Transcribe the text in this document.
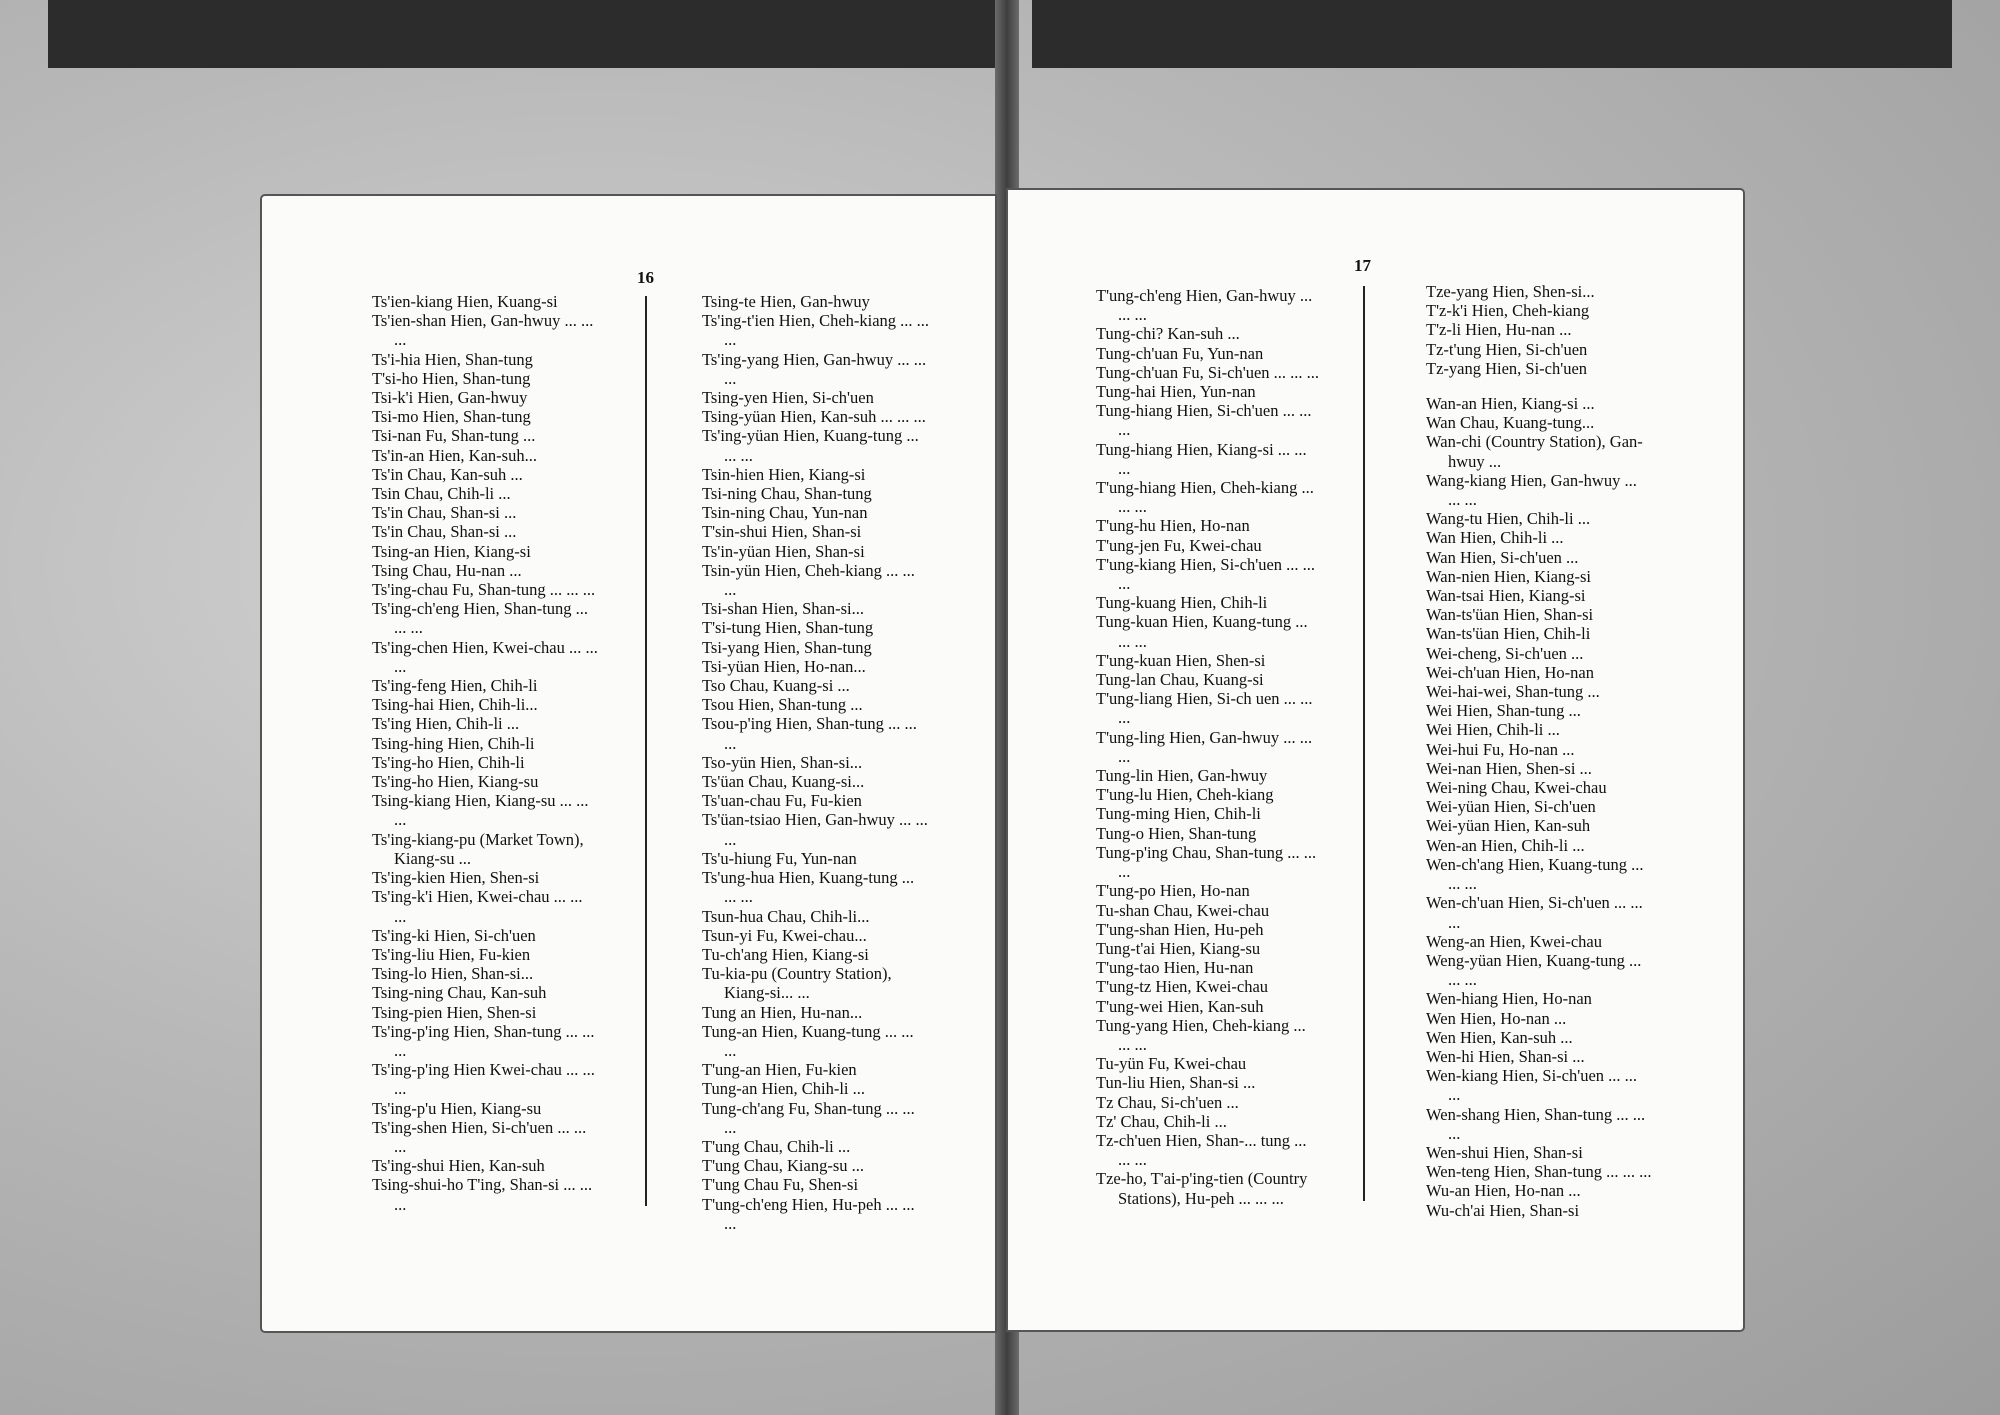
16
Ts'ien-kiang Hien, Kuang-si
Ts'ien-shan Hien, Gan-hwuy ... ... ...
Ts'i-hia Hien, Shan-tung
T'si-ho Hien, Shan-tung
Tsi-k'i Hien, Gan-hwuy
Tsi-mo Hien, Shan-tung
Tsi-nan Fu, Shan-tung ...
Ts'in-an Hien, Kan-suh...
Ts'in Chau, Kan-suh ...
Tsin Chau, Chih-li ...
Ts'in Chau, Shan-si ...
Ts'in Chau, Shan-si ...
Tsing-an Hien, Kiang-si
Tsing Chau, Hu-nan ...
Ts'ing-chau Fu, Shan-tung ... ... ...
Ts'ing-ch'eng Hien, Shan-tung ... ... ...
Ts'ing-chen Hien, Kwei-chau ... ... ...
Ts'ing-feng Hien, Chih-li
Tsing-hai Hien, Chih-li...
Ts'ing Hien, Chih-li ...
Tsing-hing Hien, Chih-li
Ts'ing-ho Hien, Chih-li
Ts'ing-ho Hien, Kiang-su
Tsing-kiang Hien, Kiang-su ... ... ...
Ts'ing-kiang-pu (Market Town), Kiang-su ...
Ts'ing-kien Hien, Shen-si
Ts'ing-k'i Hien, Kwei-chau ... ... ...
Ts'ing-ki Hien, Si-ch'uen
Ts'ing-liu Hien, Fu-kien
Tsing-lo Hien, Shan-si...
Tsing-ning Chau, Kan-suh
Tsing-pien Hien, Shen-si
Ts'ing-p'ing Hien, Shan-tung ... ... ...
Ts'ing-p'ing Hien Kwei-chau ... ... ...
Ts'ing-p'u Hien, Kiang-su
Ts'ing-shen Hien, Si-ch'uen ... ... ...
Ts'ing-shui Hien, Kan-suh
Tsing-shui-ho T'ing, Shan-si ... ... ...
Tsing-te Hien, Gan-hwuy
Ts'ing-t'ien Hien, Cheh-kiang ... ... ...
Ts'ing-yang Hien, Gan-hwuy ... ... ...
Tsing-yen Hien, Si-ch'uen
Tsing-yüan Hien, Kan-suh ... ... ...
Ts'ing-yüan Hien, Kuang-tung ... ... ...
Tsin-hien Hien, Kiang-si
Tsi-ning Chau, Shan-tung
Tsin-ning Chau, Yun-nan
T'sin-shui Hien, Shan-si
Ts'in-yüan Hien, Shan-si
Tsin-yün Hien, Cheh-kiang ... ... ...
Tsi-shan Hien, Shan-si...
T'si-tung Hien, Shan-tung
Tsi-yang Hien, Shan-tung
Tsi-yüan Hien, Ho-nan...
Tso Chau, Kuang-si ...
Tsou Hien, Shan-tung ...
Tsou-p'ing Hien, Shan-tung ... ... ...
Tso-yün Hien, Shan-si...
Ts'üan Chau, Kuang-si...
Ts'uan-chau Fu, Fu-kien
Ts'üan-tsiao Hien, Gan-hwuy ... ... ...
Ts'u-hiung Fu, Yun-nan
Ts'ung-hua Hien, Kuang-tung ... ... ...
Tsun-hua Chau, Chih-li...
Tsun-yi Fu, Kwei-chau...
Tu-ch'ang Hien, Kiang-si
Tu-kia-pu (Country Station), Kiang-si... ...
Tung an Hien, Hu-nan...
Tung-an Hien, Kuang-tung ... ... ...
T'ung-an Hien, Fu-kien
Tung-an Hien, Chih-li ...
Tung-ch'ang Fu, Shan-tung ... ... ...
T'ung Chau, Chih-li ...
T'ung Chau, Kiang-su ...
T'ung Chau Fu, Shen-si
T'ung-ch'eng Hien, Hu-peh ... ... ...
17
T'ung-ch'eng Hien, Gan-hwuy ... ... ...
Tung-chi? Kan-suh ...
Tung-ch'uan Fu, Yun-nan
Tung-ch'uan Fu, Si-ch'uen ... ... ...
Tung-hai Hien, Yun-nan
Tung-hiang Hien, Si-ch'uen ... ... ...
Tung-hiang Hien, Kiang-si ... ... ...
T'ung-hiang Hien, Cheh-kiang ... ... ...
T'ung-hu Hien, Ho-nan
T'ung-jen Fu, Kwei-chau
T'ung-kiang Hien, Si-ch'uen ... ... ...
Tung-kuang Hien, Chih-li
Tung-kuan Hien, Kuang-tung ... ... ...
T'ung-kuan Hien, Shen-si
Tung-lan Chau, Kuang-si
T'ung-liang Hien, Si-ch uen ... ... ...
T'ung-ling Hien, Gan-hwuy ... ... ...
Tung-lin Hien, Gan-hwuy
T'ung-lu Hien, Cheh-kiang
Tung-ming Hien, Chih-li
Tung-o Hien, Shan-tung
Tung-p'ing Chau, Shan-tung ... ... ...
T'ung-po Hien, Ho-nan
Tu-shan Chau, Kwei-chau
T'ung-shan Hien, Hu-peh
Tung-t'ai Hien, Kiang-su
T'ung-tao Hien, Hu-nan
T'ung-tz Hien, Kwei-chau
T'ung-wei Hien, Kan-suh
Tung-yang Hien, Cheh-kiang ... ... ...
Tu-yün Fu, Kwei-chau
Tun-liu Hien, Shan-si ...
Tz Chau, Si-ch'uen ...
Tz' Chau, Chih-li ...
Tz-ch'uen Hien, Shan-... tung ... ... ...
Tze-ho, T'ai-p'ing-tien (Country Stations), Hu-peh ... ... ...
Tze-yang Hien, Shen-si...
T'z-k'i Hien, Cheh-kiang
T'z-li Hien, Hu-nan ...
Tz-t'ung Hien, Si-ch'uen
Tz-yang Hien, Si-ch'uen
Wan-an Hien, Kiang-si ...
Wan Chau, Kuang-tung...
Wan-chi (Country Station), Gan-hwuy ...
Wang-kiang Hien, Gan-hwuy ... ... ...
Wang-tu Hien, Chih-li ...
Wan Hien, Chih-li ...
Wan Hien, Si-ch'uen ...
Wan-nien Hien, Kiang-si
Wan-tsai Hien, Kiang-si
Wan-ts'üan Hien, Shan-si
Wan-ts'üan Hien, Chih-li
Wei-cheng, Si-ch'uen ...
Wei-ch'uan Hien, Ho-nan
Wei-hai-wei, Shan-tung ...
Wei Hien, Shan-tung ...
Wei Hien, Chih-li ...
Wei-hui Fu, Ho-nan ...
Wei-nan Hien, Shen-si ...
Wei-ning Chau, Kwei-chau
Wei-yüan Hien, Si-ch'uen
Wei-yüan Hien, Kan-suh
Wen-an Hien, Chih-li ...
Wen-ch'ang Hien, Kuang-tung ... ... ...
Wen-ch'uan Hien, Si-ch'uen ... ... ...
Weng-an Hien, Kwei-chau
Weng-yüan Hien, Kuang-tung ... ... ...
Wen-hiang Hien, Ho-nan
Wen Hien, Ho-nan ...
Wen Hien, Kan-suh ...
Wen-hi Hien, Shan-si ...
Wen-kiang Hien, Si-ch'uen ... ... ...
Wen-shang Hien, Shan-tung ... ... ...
Wen-shui Hien, Shan-si
Wen-teng Hien, Shan-tung ... ... ...
Wu-an Hien, Ho-nan ...
Wu-ch'ai Hien, Shan-si
